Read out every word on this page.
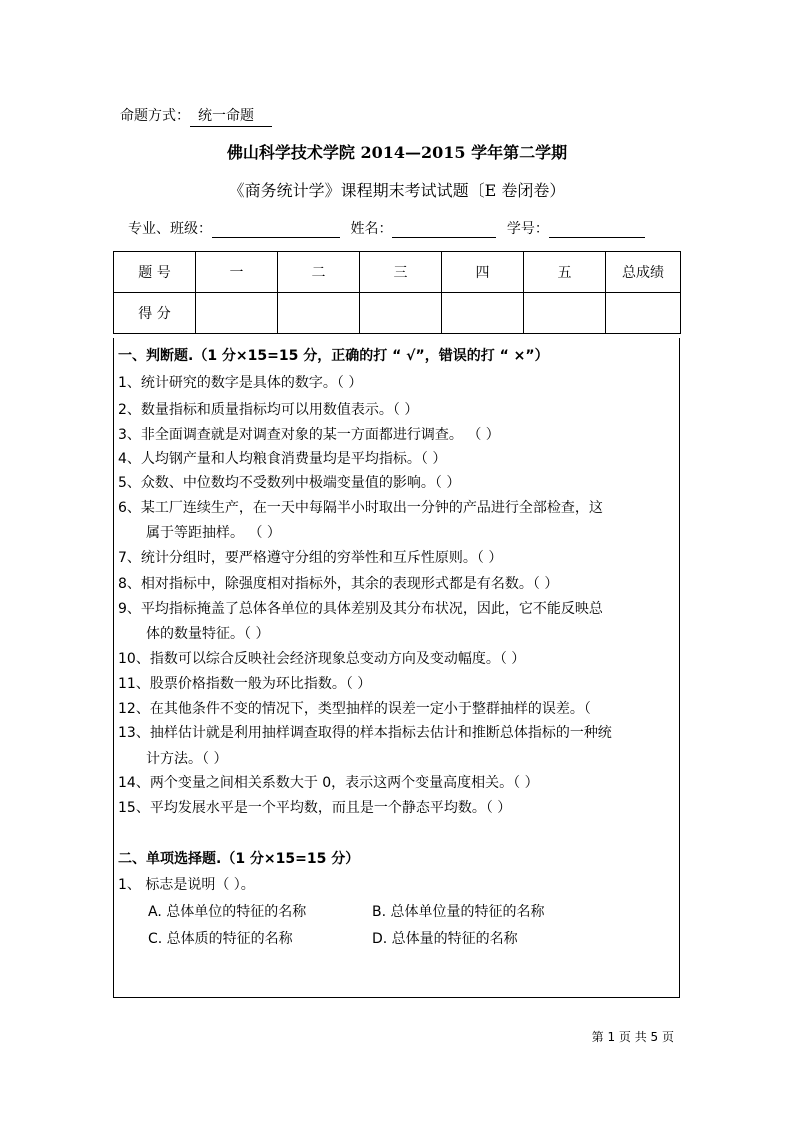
命题方式： 统一命题
佛山科学技术学院 2014—2015 学年第二学期
《商务统计学》课程期末考试试题〔E 卷闭卷）
专业、班级：	姓名：	学号：
题 号	一	二	三	四	五	总成绩
得 分						
一、判断题.（1 分×15=15 分，正确的打 “ √”，错误的打 “ ×”）
1、统计研究的数字是具体的数字。（ ）
2、数量指标和质量指标均可以用数值表示。（ ）
3、非全面调查就是对调查对象的某一方面都进行调查。 （ ）
4、人均钢产量和人均粮食消费量均是平均指标。（ ）
5、众数、中位数均不受数列中极端变量值的影响。（ ）
6、某工厂连续生产，在一天中每隔半小时取出一分钟的产品进行全部检查，这
属于等距抽样。 （ ）
7、统计分组时，要严格遵守分组的穷举性和互斥性原则。（ ）
8、相对指标中，除强度相对指标外，其余的表现形式都是有名数。（ ）
9、平均指标掩盖了总体各单位的具体差别及其分布状况，因此，它不能反映总
体的数量特征。（ ）
10、指数可以综合反映社会经济现象总变动方向及变动幅度。（ ）
11、股票价格指数一般为环比指数。（ ）
12、在其他条件不变的情况下，类型抽样的误差一定小于整群抽样的误差。（
13、抽样估计就是利用抽样调查取得的样本指标去估计和推断总体指标的一种统
计方法。（ ）
14、两个变量之间相关系数大于 0，表示这两个变量高度相关。（ ）
15、平均发展水平是一个平均数，而且是一个静态平均数。（ ）
二、单项选择题.（1 分×15=15 分）
1、 标志是说明（ ）。
A. 总体单位的特征的名称	B. 总体单位量的特征的名称
C. 总体质的特征的名称	D. 总体量的特征的名称
第 1 页 共 5 页
